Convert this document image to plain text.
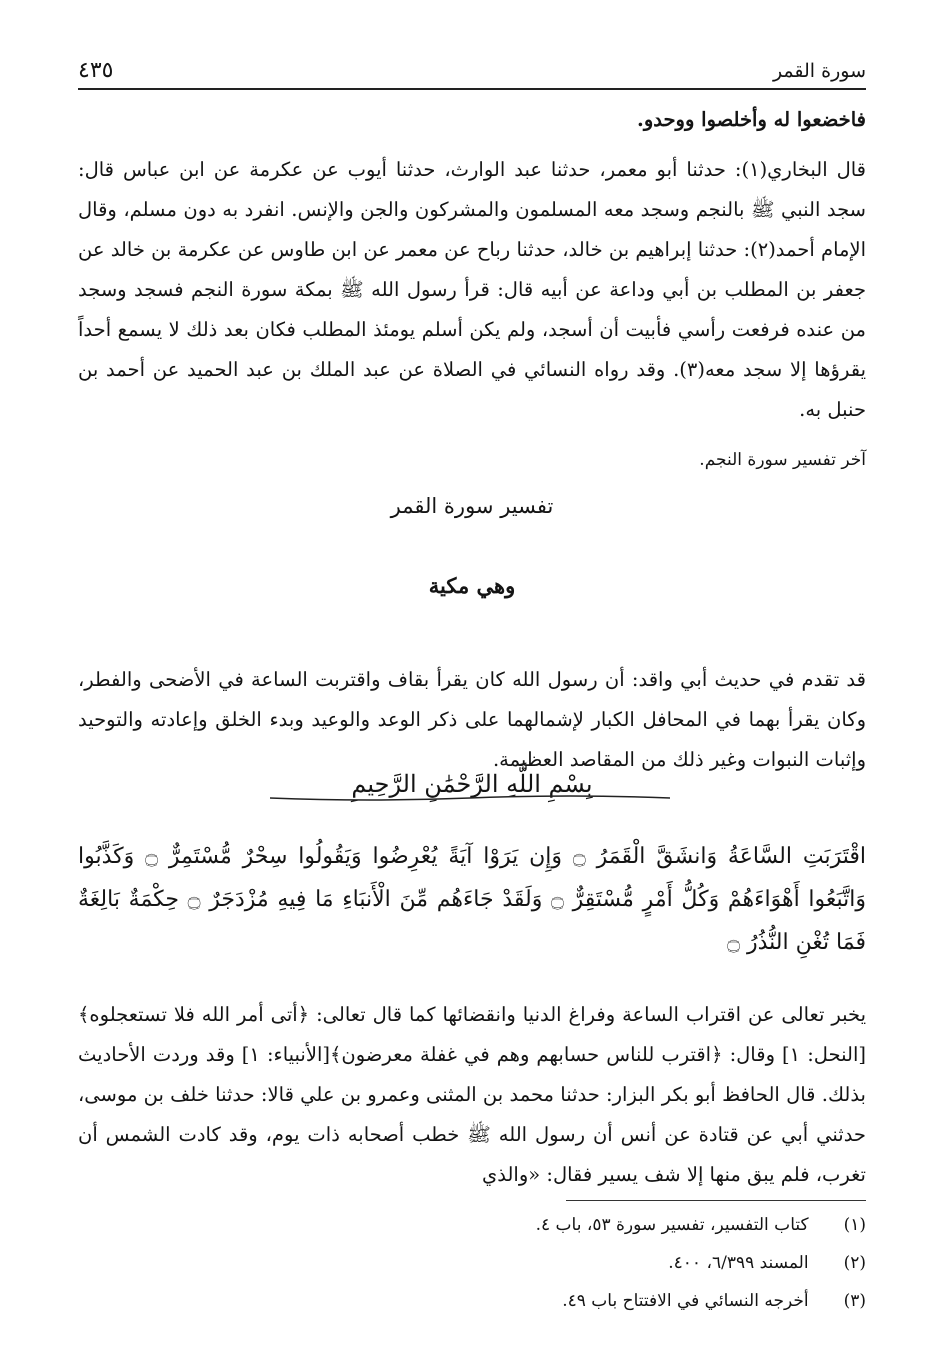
سورة القمر
٤٣٥

فاخضعوا له وأخلصوا ووحدو.

قال البخاري(١): حدثنا أبو معمر، حدثنا عبد الوارث، حدثنا أيوب عن عكرمة عن ابن عباس قال: سجد النبي ﷺ بالنجم وسجد معه المسلمون والمشركون والجن والإنس. انفرد به دون مسلم، وقال الإمام أحمد(٢): حدثنا إبراهيم بن خالد، حدثنا رباح عن معمر عن ابن طاوس عن عكرمة بن خالد عن جعفر بن المطلب بن أبي وداعة عن أبيه قال: قرأ رسول الله ﷺ بمكة سورة النجم فسجد وسجد من عنده فرفعت رأسي فأبيت أن أسجد، ولم يكن أسلم يومئذ المطلب فكان بعد ذلك لا يسمع أحداً يقرؤها إلا سجد معه(٣). وقد رواه النسائي في الصلاة عن عبد الملك بن عبد الحميد عن أحمد بن حنبل به.

آخر تفسير سورة النجم.

تفسير سورة القمر

وهي مكية

قد تقدم في حديث أبي واقد: أن رسول الله كان يقرأ بقاف واقتربت الساعة في الأضحى والفطر، وكان يقرأ بهما في المحافل الكبار لإشمالهما على ذكر الوعد والوعيد وبدء الخلق وإعادته والتوحيد وإثبات النبوات وغير ذلك من المقاصد العظيمة.

بِسْمِ اللَّهِ الرَّحْمَٰنِ الرَّحِيمِ

اقْتَرَبَتِ السَّاعَةُ وَانشَقَّ الْقَمَرُ ۝ وَإِن يَرَوْا آيَةً يُعْرِضُوا وَيَقُولُوا سِحْرٌ مُّسْتَمِرٌّ ۝ وَكَذَّبُوا وَاتَّبَعُوا أَهْوَاءَهُمْ وَكُلُّ أَمْرٍ مُّسْتَقِرٌّ ۝ وَلَقَدْ جَاءَهُم مِّنَ الْأَنبَاءِ مَا فِيهِ مُزْدَجَرٌ ۝ حِكْمَةٌ بَالِغَةٌ فَمَا تُغْنِ النُّذُرُ ۝

يخبر تعالى عن اقتراب الساعة وفراغ الدنيا وانقضائها كما قال تعالى: ﴿أتى أمر الله فلا تستعجلوه﴾ [النحل: ١] وقال: ﴿اقترب للناس حسابهم وهم في غفلة معرضون﴾[الأنبياء: ١] وقد وردت الأحاديث بذلك. قال الحافظ أبو بكر البزار: حدثنا محمد بن المثنى وعمرو بن علي قالا: حدثنا خلف بن موسى، حدثني أبي عن قتادة عن أنس أن رسول الله ﷺ خطب أصحابه ذات يوم، وقد كادت الشمس أن تغرب، فلم يبق منها إلا شف يسير فقال: «والذي

(١) كتاب التفسير، تفسير سورة ٥٣، باب ٤.
(٢) المسند ٦/٣٩٩، ٤٠٠.
(٣) أخرجه النسائي في الافتتاح باب ٤٩.
